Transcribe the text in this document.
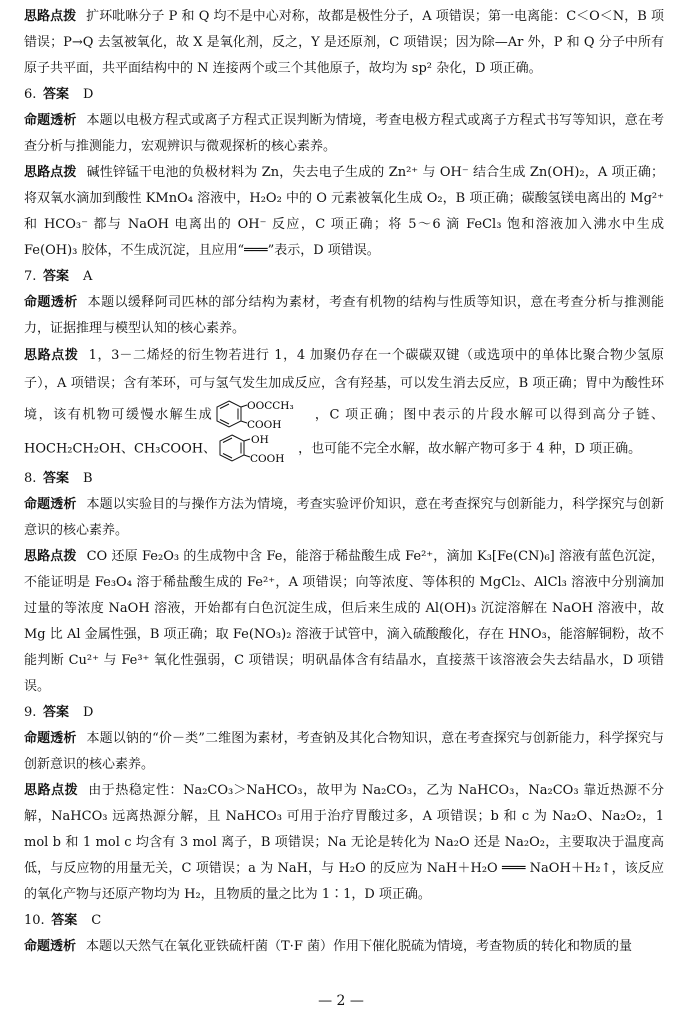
思路点拨 扩环吡咻分子 P 和 Q 均不是中心对称，故都是极性分子，A 项错误；第一电离能：C＜O＜N，B 项错误；P→Q 去氢被氧化，故 X 是氧化剂，反之，Y 是还原剂，C 项错误；因为除—Ar 外，P 和 Q 分子中所有原子共平面，共平面结构中的 N 连接两个或三个其他原子，故均为 sp² 杂化，D 项正确。

6. 答案 D

命题透析 本题以电极方程式或离子方程式正误判断为情境，考查电极方程式或离子方程式书写等知识，意在考查分析与推测能力，宏观辨识与微观探析的核心素养。

思路点拨 碱性锌锰干电池的负极材料为 Zn，失去电子生成的 Zn²⁺ 与 OH⁻ 结合生成 Zn(OH)₂，A 项正确；将双氧水滴加到酸性 KMnO₄ 溶液中，H₂O₂ 中的 O 元素被氧化生成 O₂，B 项正确；碳酸氢镁电离出的 Mg²⁺ 和 HCO₃⁻ 都与 NaOH 电离出的 OH⁻ 反应，C 项正确；将 5～6 滴 FeCl₃ 饱和溶液加入沸水中生成 Fe(OH)₃ 胶体，不生成沉淀，且应用“═══”表示，D 项错误。

7. 答案 A

命题透析 本题以缓释阿司匹林的部分结构为素材，考查有机物的结构与性质等知识，意在考查分析与推测能力，证据推理与模型认知的核心素养。

思路点拨 1，3－二烯烃的衍生物若进行 1，4 加聚仍存在一个碳碳双键（或选项中的单体比聚合物少氢原子），A 项错误；含有苯环，可与氢气发生加成反应，含有羟基，可以发生消去反应，B 项正确；胃中为酸性环境，该有机物可缓慢水解生成
OOCCH₃
COOH
，C 项正确；图中表示的片段水解可以得到高分子链、HOCH₂CH₂OH、CH₃COOH、
OH
COOH
，也可能不完全水解，故水解产物可多于 4 种，D 项正确。

8. 答案 B

命题透析 本题以实验目的与操作方法为情境，考查实验评价知识，意在考查探究与创新能力，科学探究与创新意识的核心素养。

思路点拨 CO 还原 Fe₂O₃ 的生成物中含 Fe，能溶于稀盐酸生成 Fe²⁺，滴加 K₃[Fe(CN)₆] 溶液有蓝色沉淀，不能证明是 Fe₃O₄ 溶于稀盐酸生成的 Fe²⁺，A 项错误；向等浓度、等体积的 MgCl₂、AlCl₃ 溶液中分别滴加过量的等浓度 NaOH 溶液，开始都有白色沉淀生成，但后来生成的 Al(OH)₃ 沉淀溶解在 NaOH 溶液中，故 Mg 比 Al 金属性强，B 项正确；取 Fe(NO₃)₂ 溶液于试管中，滴入硫酸酸化，存在 HNO₃，能溶解铜粉，故不能判断 Cu²⁺ 与 Fe³⁺ 氧化性强弱，C 项错误；明矾晶体含有结晶水，直接蒸干该溶液会失去结晶水，D 项错误。

9. 答案 D

命题透析 本题以钠的“价－类”二维图为素材，考查钠及其化合物知识，意在考查探究与创新能力，科学探究与创新意识的核心素养。

思路点拨 由于热稳定性：Na₂CO₃＞NaHCO₃，故甲为 Na₂CO₃，乙为 NaHCO₃，Na₂CO₃ 靠近热源不分解，NaHCO₃ 远离热源分解，且 NaHCO₃ 可用于治疗胃酸过多，A 项错误；b 和 c 为 Na₂O、Na₂O₂，1 mol b 和 1 mol c 均含有 3 mol 离子，B 项错误；Na 无论是转化为 Na₂O 还是 Na₂O₂，主要取决于温度高低，与反应物的用量无关，C 项错误；a 为 NaH，与 H₂O 的反应为 NaH＋H₂O ═══ NaOH＋H₂↑，该反应的氧化产物与还原产物均为 H₂，且物质的量之比为 1∶1，D 项正确。

10. 答案 C

命题透析 本题以天然气在氧化亚铁硫杆菌（T·F 菌）作用下催化脱硫为情境，考查物质的转化和物质的量

— 2 —
